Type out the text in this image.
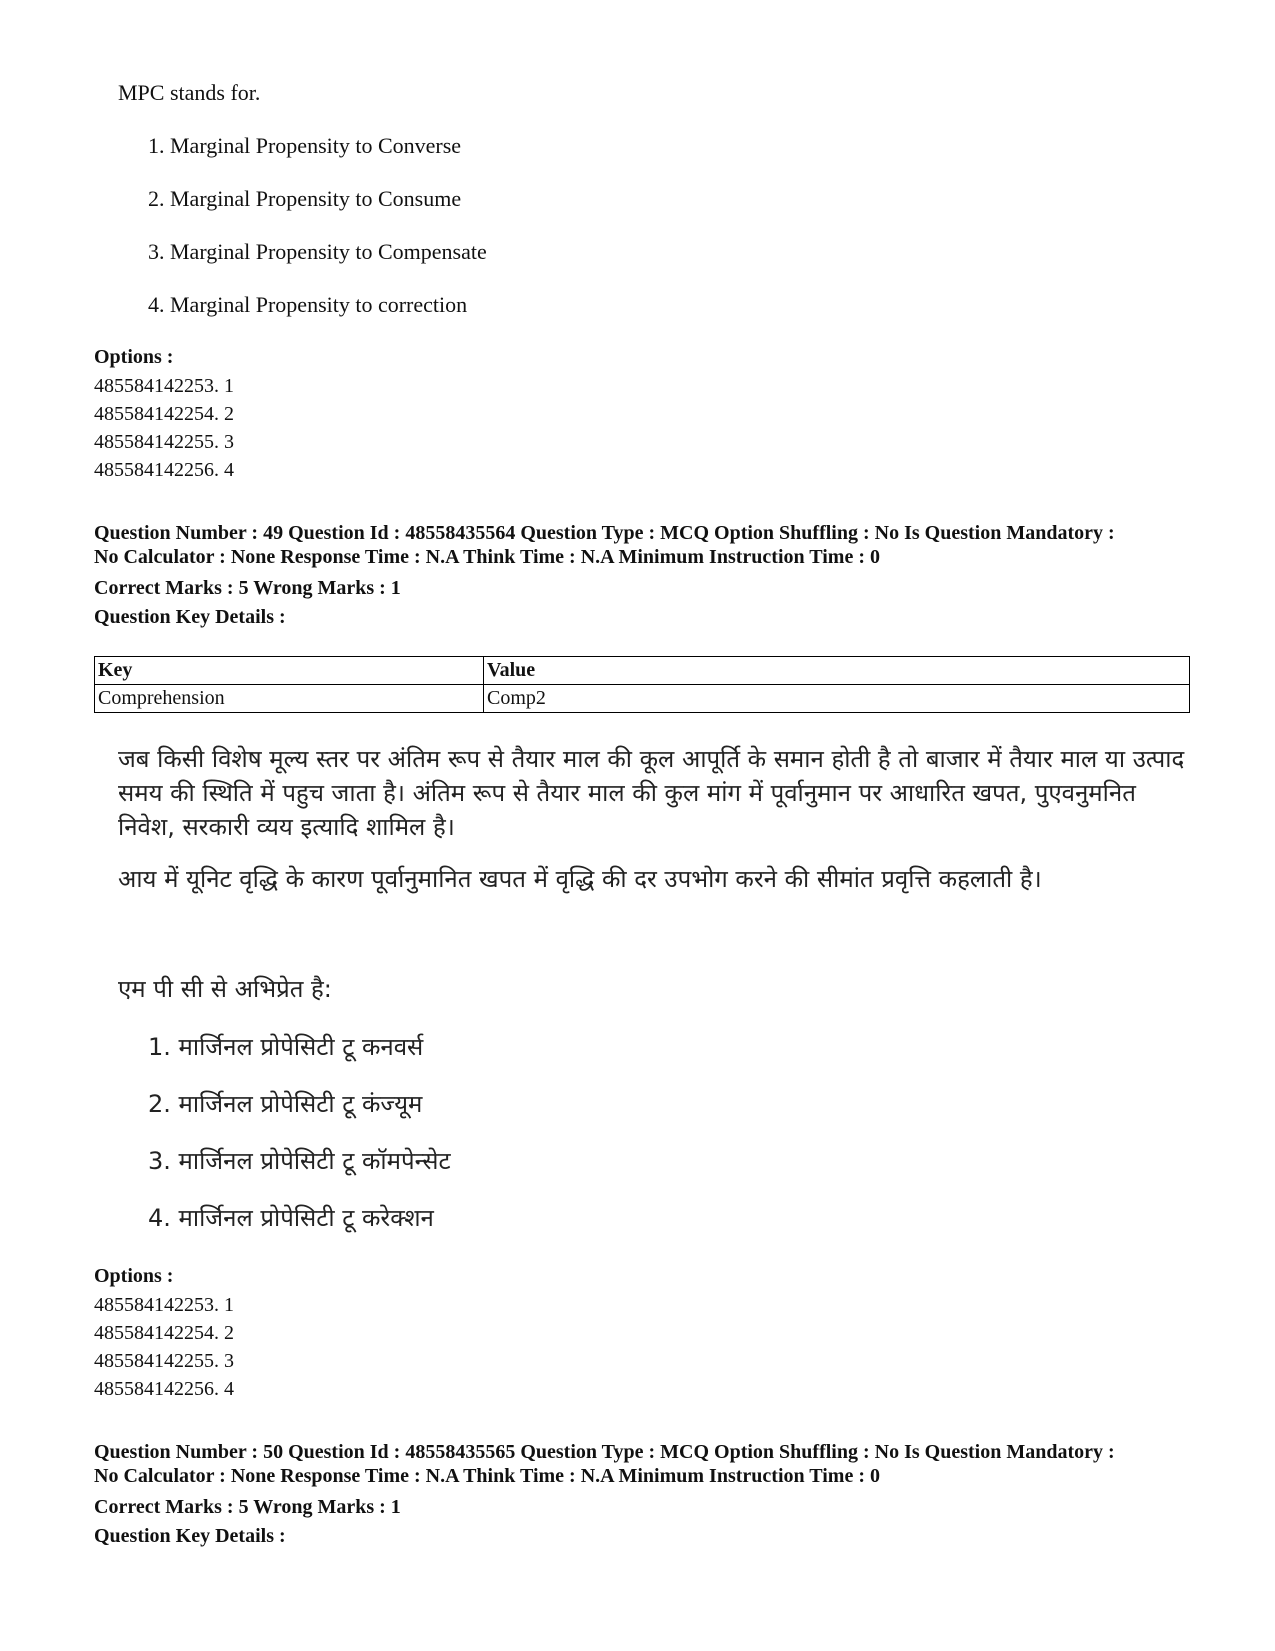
MPC stands for.
1. Marginal Propensity to Converse
2. Marginal Propensity to Consume
3. Marginal Propensity to Compensate
4. Marginal Propensity to correction
Options :
485584142253. 1
485584142254. 2
485584142255. 3
485584142256. 4
Question Number : 49 Question Id : 48558435564 Question Type : MCQ Option Shuffling : No Is Question Mandatory :
No Calculator : None Response Time : N.A Think Time : N.A Minimum Instruction Time : 0
Correct Marks : 5 Wrong Marks : 1
Question Key Details :
Key	Value
Comprehension	Comp2
जब किसी विशेष मूल्य स्तर पर अंतिम रूप से तैयार माल की कूल आपूर्ति के समान होती है तो बाजार में तैयार माल या उत्पाद समय की स्थिति में पहुच जाता है। अंतिम रूप से तैयार माल की कुल मांग में पूर्वानुमान पर आधारित खपत, पुएवनुमनित निवेश, सरकारी व्यय इत्यादि शामिल है।
आय में यूनिट वृद्धि के कारण पूर्वानुमानित खपत में वृद्धि की दर उपभोग करने की सीमांत प्रवृत्ति कहलाती है।
एम पी सी से अभिप्रेत है:
1. मार्जिनल प्रोपेसिटी टू कनवर्स
2. मार्जिनल प्रोपेसिटी टू कंज्यूम
3. मार्जिनल प्रोपेसिटी टू कॉमपेन्सेट
4. मार्जिनल प्रोपेसिटी टू करेक्शन
Options :
485584142253. 1
485584142254. 2
485584142255. 3
485584142256. 4
Question Number : 50 Question Id : 48558435565 Question Type : MCQ Option Shuffling : No Is Question Mandatory :
No Calculator : None Response Time : N.A Think Time : N.A Minimum Instruction Time : 0
Correct Marks : 5 Wrong Marks : 1
Question Key Details :
